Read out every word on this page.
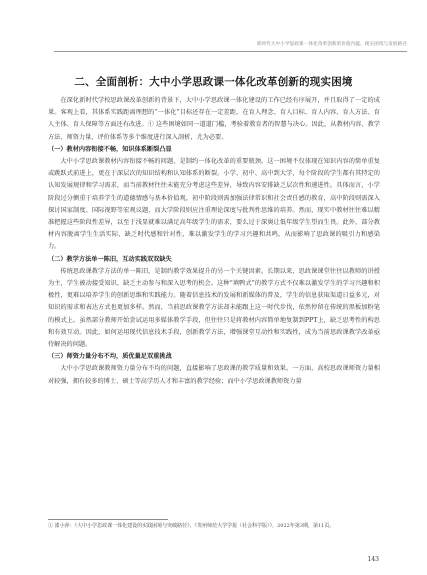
新时代大中小学思政课一体化改革创新的价值内蕴、现实困境与发展路径
二、全面剖析：大中小学思政课一体化改革创新的现实困境

在深化新时代学校思政课改革创新的背景下，大中小学思政课一体化建设的工作已经有序展开，并且取得了一定的成果。客观上看，其体系实践距离理想的“一体化”目标还存在一定差距，在育人理念、育人目标、育人内容、育人方法、育人主体、育人保障等方面还有改进。① 这些困境如同一道道门槛，考验着教育者的智慧与决心。因此，从教材内容、教学方法、师资力量、评价体系等多个维度进行深入剖析，尤为必要。

（一）教材内容衔接不畅，知识体系断裂凸显

大中小学思政课教材内容衔接不畅的问题，是制约一体化改革的重要瓶颈。这一困境不仅体现在知识内容的简单重复或跳跃式前进上，更在于深层次的知识结构和认知体系的断裂。小学、初中、高中到大学，每个阶段的学生都有其特定的认知发展规律和学习需求，而当前教材往往未能充分考虑这些差异，导致内容安排缺乏层次性和递进性。具体而言，小学阶段过分侧重于培养学生的道德情感与基本价值观，初中阶段则需加强法律常识和社会责任感的教育，高中阶段则需深入探讨国家制度、国际视野等宏观议题，而大学阶段则应注重理论深度与批判性思维的培养。然而，现实中教材往往难以精准把握这些阶段性差异，以至于浅显就难以满足高年级学生的需求，要么过于深奥让低年级学生望而生畏。此外，部分教材内容脱离学生生活实际，缺乏时代感和针对性，难以激发学生的学习兴趣和共鸣，从而影响了思政课的吸引力和感染力。

（二）教学方法单一陈旧，互动实践双双缺失

传统思政课教学方法的单一陈旧，是制约教学效果提升的另一个关键因素。长期以来，思政课课堂往往以教师的讲授为主，学生被动接受知识，缺乏主动参与和深入思考的机会。这种“填鸭式”的教学方式不仅难以激发学生的学习兴趣和积极性，更难以培养学生的创新思维和实践能力。随着信息技术的发展和新媒体的普及，学生的信息获取渠道日益多元，对知识的需求和表达方式也更加多样。然而，当前思政课教学方法却未能跟上这一时代步伐，依然停留在传统的黑板加粉笔的模式上。虽然部分教师开始尝试运用多媒体教学手段，但往往只是将教材内容简单地复制到PPT上，缺乏思考性的构思和有效互动。因此，如何运用现代信息技术手段，创新教学方法，增强课堂互动性和实践性，成为当前思政课教学改革亟待解决的问题。

（三）师资力量分布不均，质优量足双重挑战

大中小学思政课教师资力量分布不均的问题，直接影响了思政课的教学质量和效果。一方面，高校思政课师资力量相对较强，拥有较多的博士、硕士等高学历人才和丰富的教学经验；而中小学思政课教师资力量

① 漆小萍：《大中小学思政课一体化建设的实践困境与突破路径》，《贵州师范大学学报（社会科学版）》，2022年第3期，第11页。
143
